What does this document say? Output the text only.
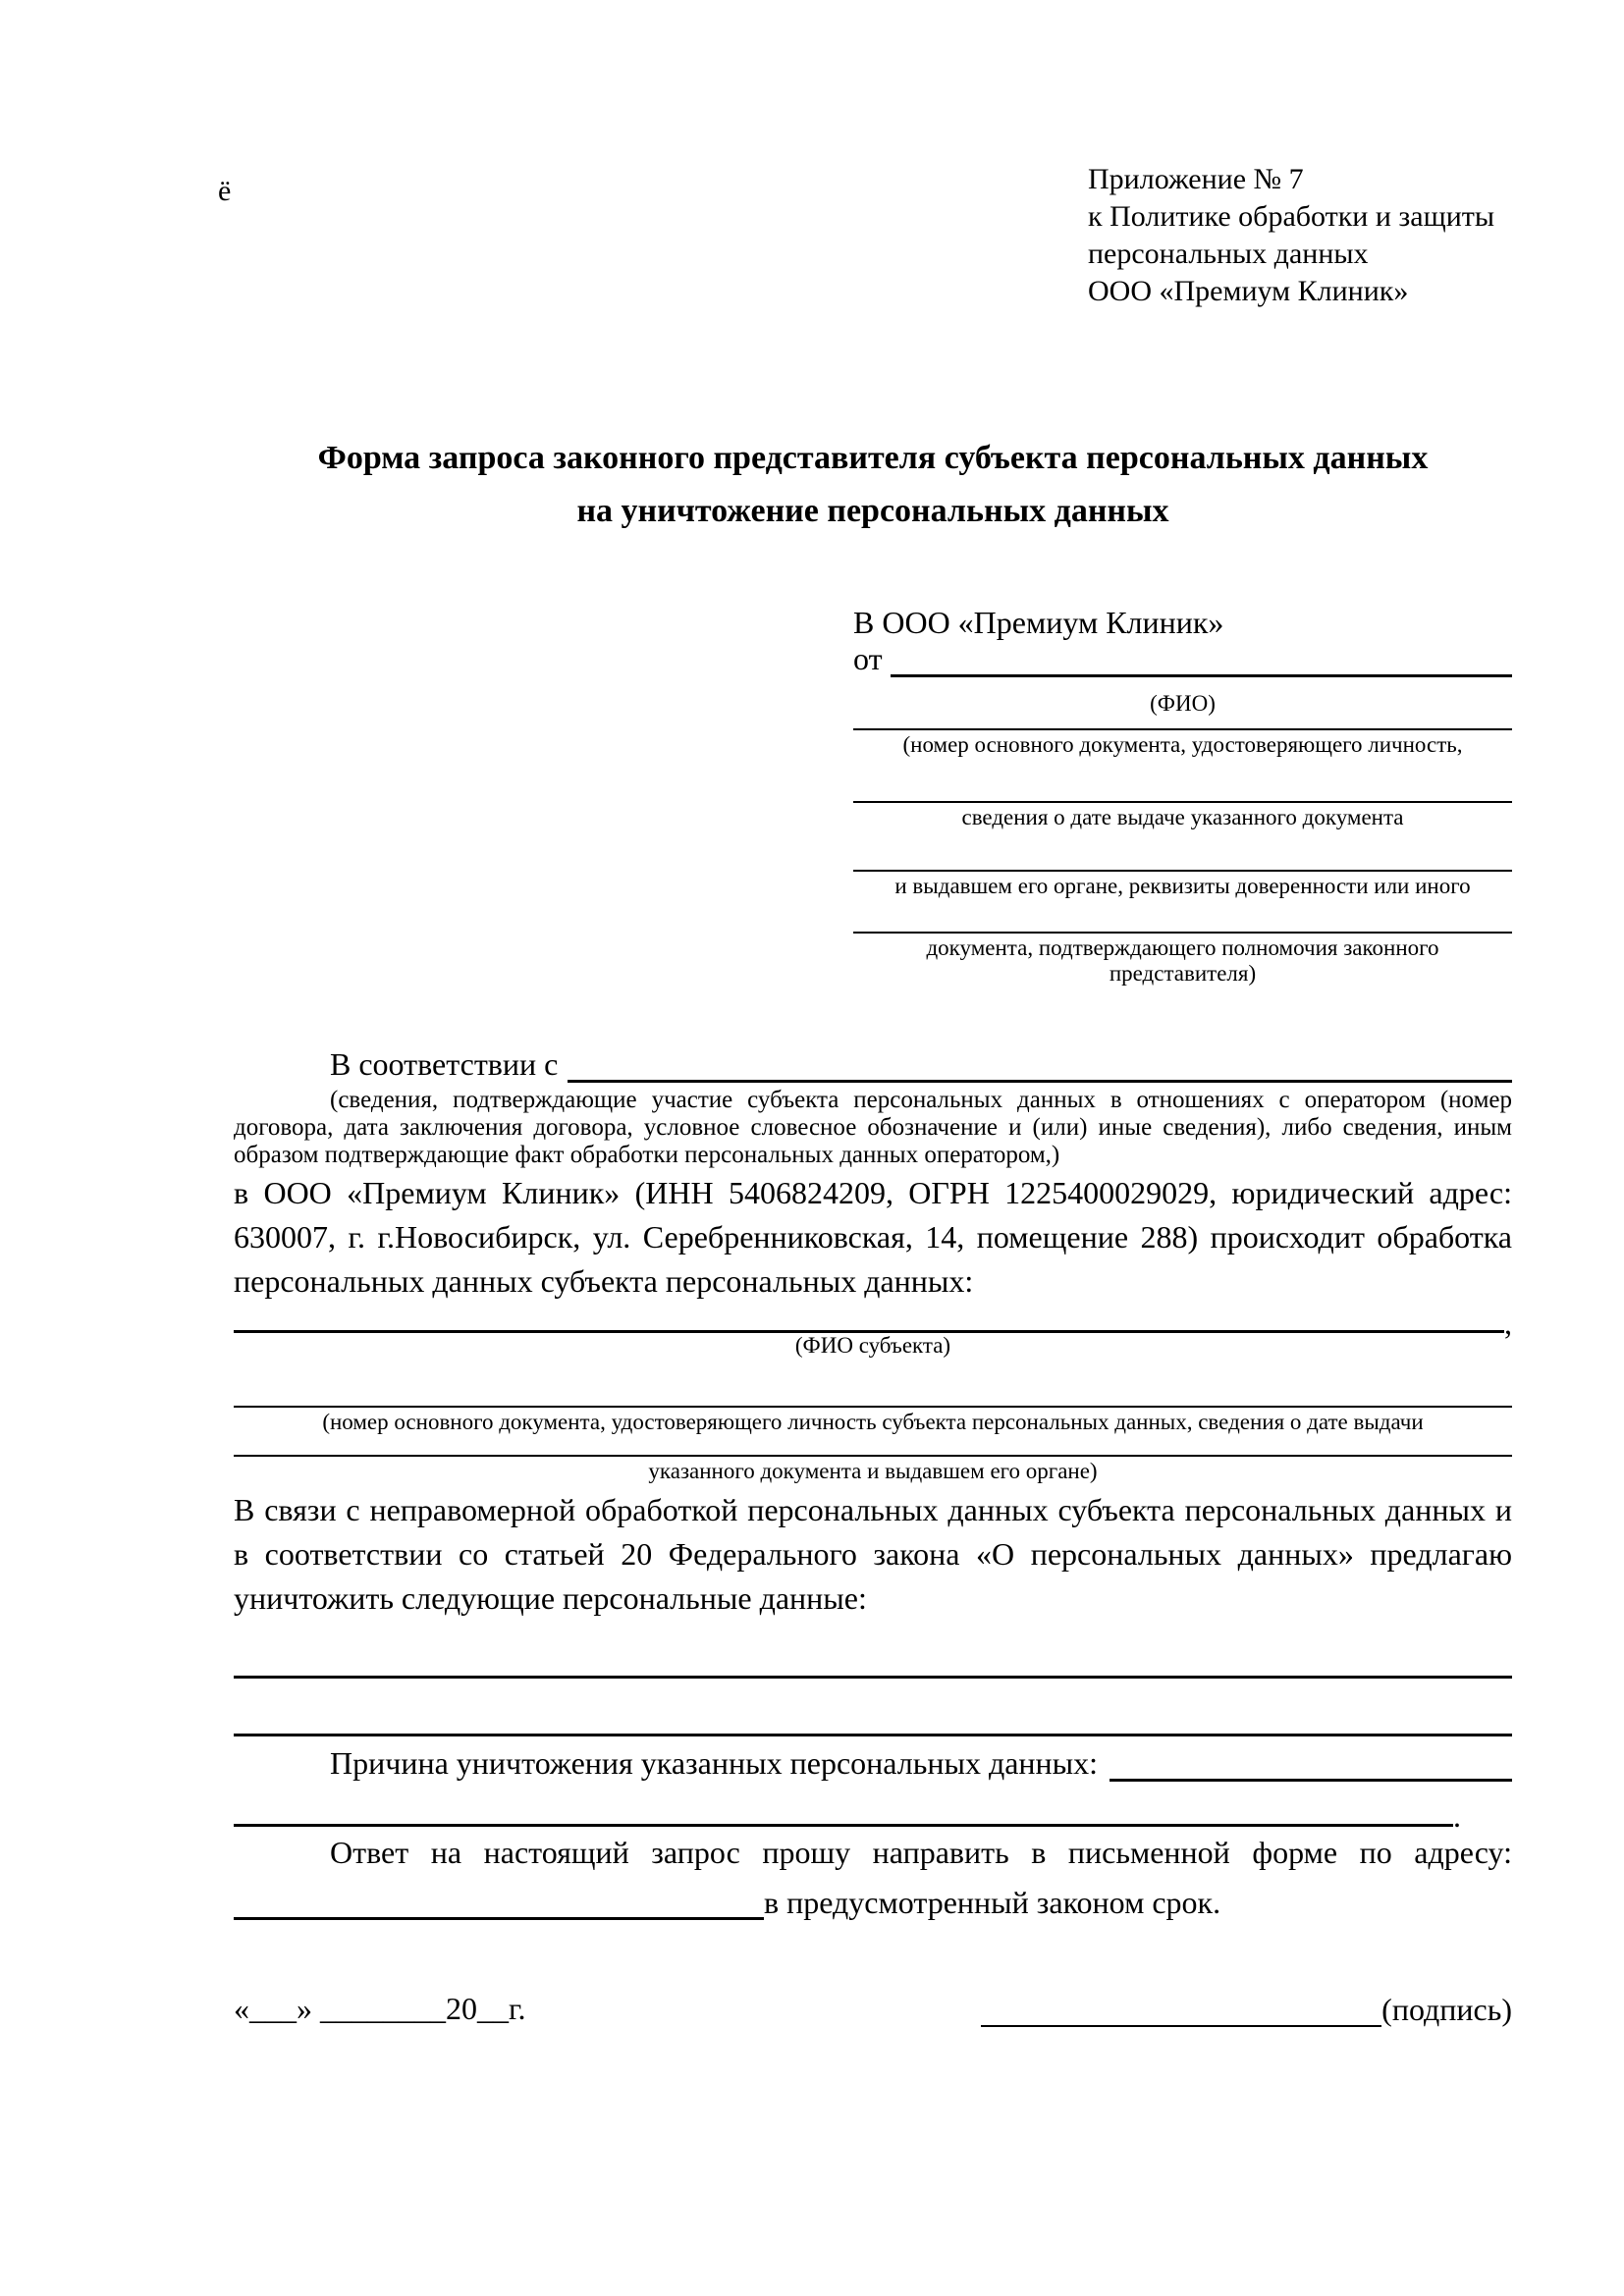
ё	Приложение № 7
к Политике обработки и защиты
персональных данных
ООО «Премиум Клиник»
Форма запроса законного представителя субъекта персональных данных
на уничтожение персональных данных
В ООО «Премиум Клиник»
от
(ФИО)
(номер основного документа, удостоверяющего личность,
сведения о дате выдаче указанного документа
и выдавшем его органе, реквизиты доверенности или иного
документа, подтверждающего полномочия законного представителя)
В соответствии с
(сведения, подтверждающие участие субъекта персональных данных в отношениях с оператором (номер договора, дата заключения договора, условное словесное обозначение и (или) иные сведения), либо сведения, иным образом подтверждающие факт обработки персональных данных оператором,)
в ООО «Премиум Клиник» (ИНН 5406824209, ОГРН 1225400029029, юридический адрес: 630007, г. г.Новосибирск, ул. Серебренниковская, 14, помещение 288) происходит обработка персональных данных субъекта персональных данных:
,
(ФИО субъекта)
(номер основного документа, удостоверяющего личность субъекта персональных данных, сведения о дате выдачи
указанного документа и выдавшем его органе)
В связи с неправомерной обработкой персональных данных субъекта персональных данных и в соответствии со статьей 20 Федерального закона «О персональных данных» предлагаю уничтожить следующие персональные данные:
Причина уничтожения указанных персональных данных:
.
Ответ на настоящий запрос прошу направить в письменной форме по адресу:
в предусмотренный законом срок.
«___» ________20__г.	(подпись)
